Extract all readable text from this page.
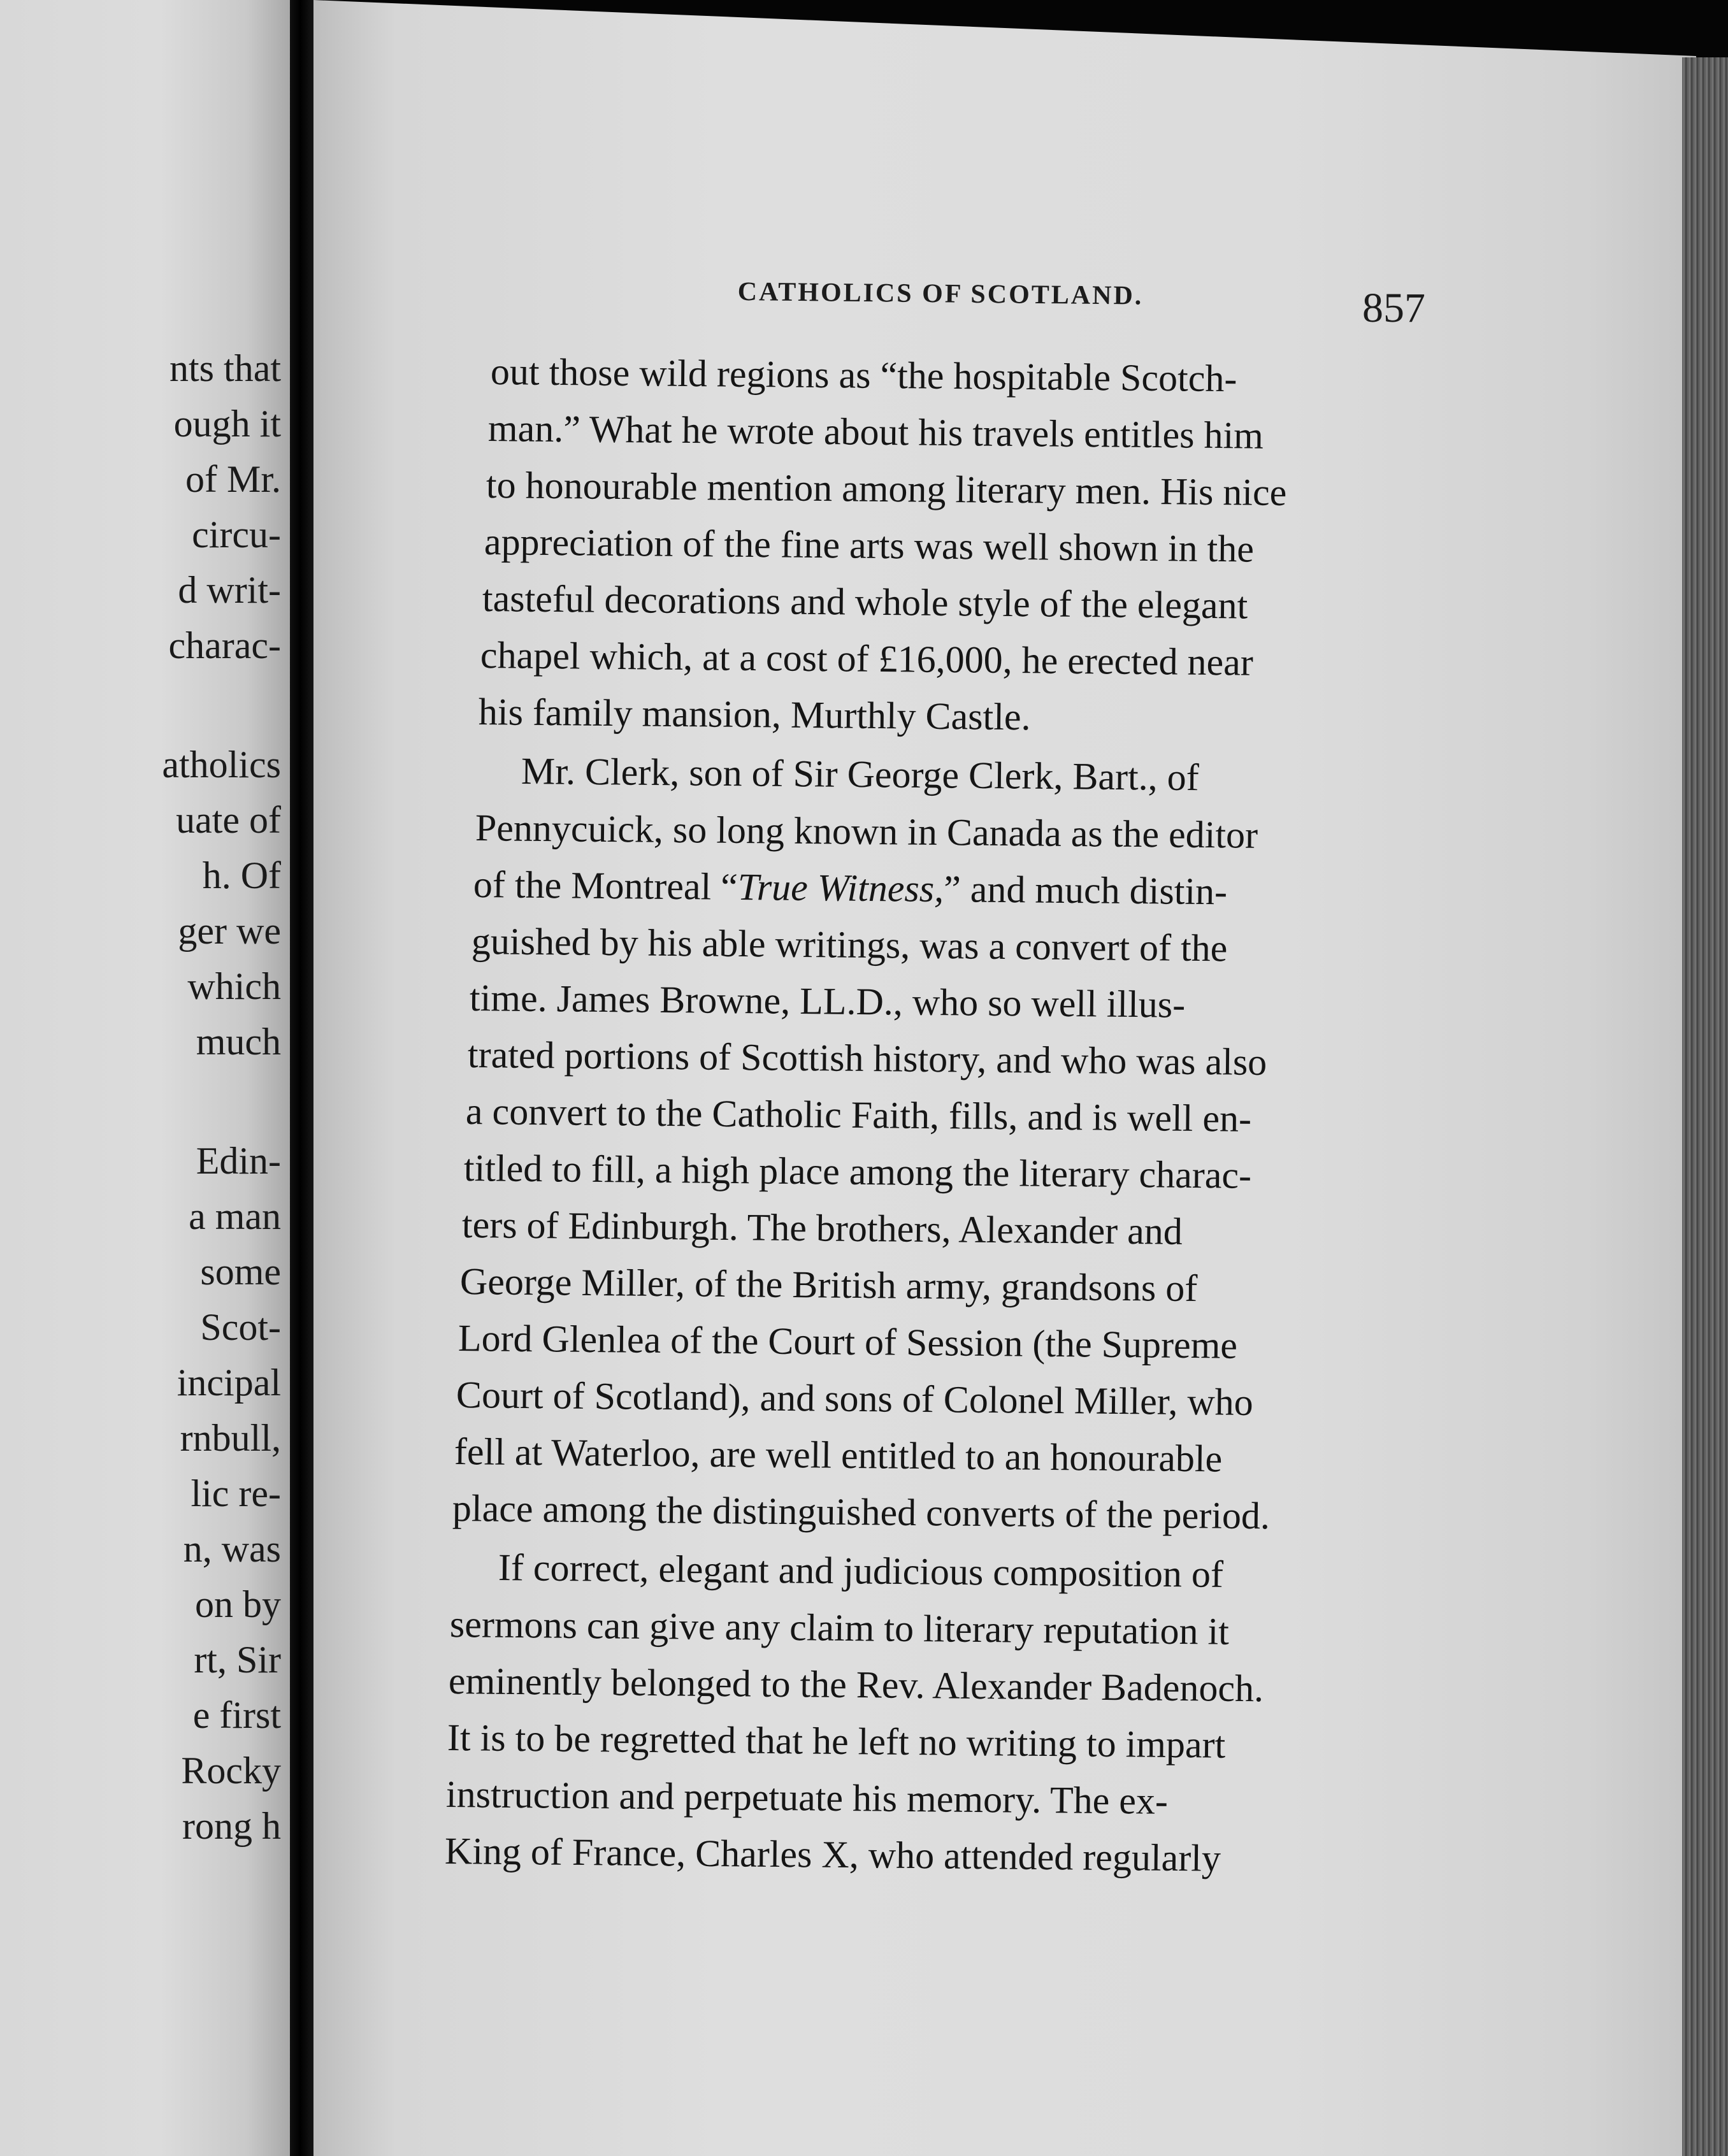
nts that
ough it
of Mr.
circu-
d writ-
charac-
atholics
uate of
h. Of
ger we
which
much
Edin-
a man
some
Scot-
incipal
rnbull,
lic re-
n, was
on by
rt, Sir
e first
Rocky
rong h
CATHOLICS OF SCOTLAND.	857
out those wild regions as “the hospitable Scotch-
man.” What he wrote about his travels entitles him
to honourable mention among literary men. His nice
appreciation of the fine arts was well shown in the
tasteful decorations and whole style of the elegant
chapel which, at a cost of £16,000, he erected near
his family mansion, Murthly Castle.
Mr. Clerk, son of Sir George Clerk, Bart., of
Pennycuick, so long known in Canada as the editor
of the Montreal “True Witness,” and much distin-
guished by his able writings, was a convert of the
time. James Browne, LL.D., who so well illus-
trated portions of Scottish history, and who was also
a convert to the Catholic Faith, fills, and is well en-
titled to fill, a high place among the literary charac-
ters of Edinburgh. The brothers, Alexander and
George Miller, of the British army, grandsons of
Lord Glenlea of the Court of Session (the Supreme
Court of Scotland), and sons of Colonel Miller, who
fell at Waterloo, are well entitled to an honourable
place among the distinguished converts of the period.
If correct, elegant and judicious composition of
sermons can give any claim to literary reputation it
eminently belonged to the Rev. Alexander Badenoch.
It is to be regretted that he left no writing to impart
instruction and perpetuate his memory. The ex-
King of France, Charles X, who attended regularly
